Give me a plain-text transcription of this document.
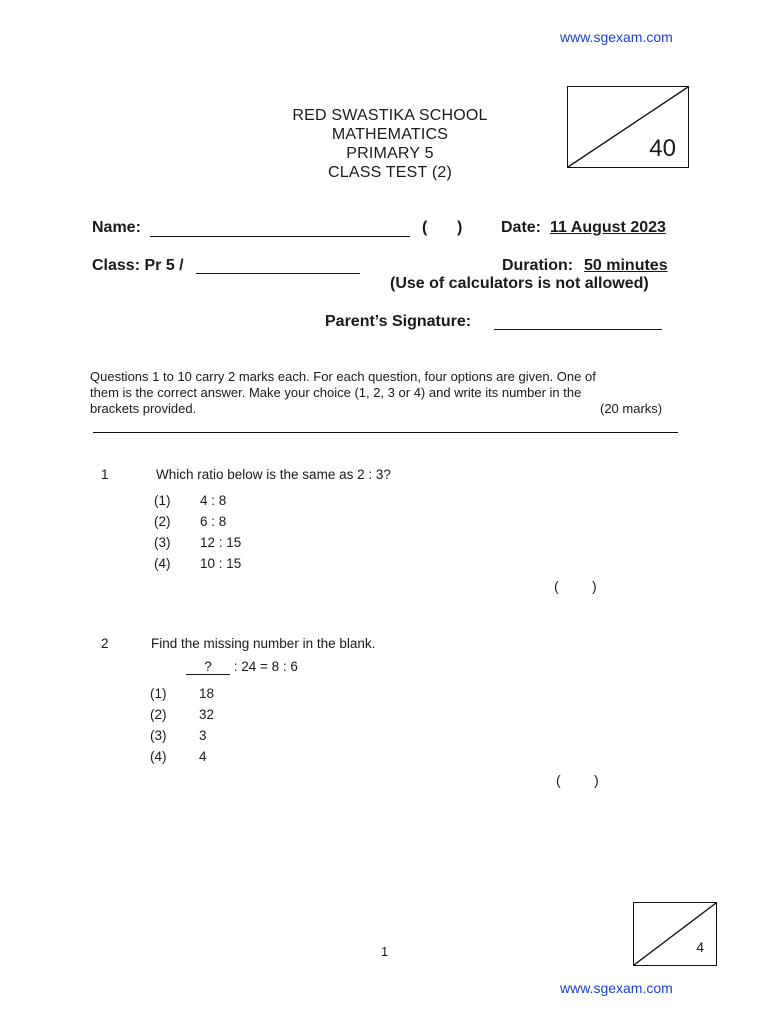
www.sgexam.com
RED SWASTIKA SCHOOL
MATHEMATICS
PRIMARY 5
CLASS TEST (2)
40
Name:	( ) Date: 11 August 2023
Class: Pr 5 /	Duration: 50 minutes
(Use of calculators is not allowed)
Parent’s Signature:
Questions 1 to 10 carry 2 marks each. For each question, four options are given. One of
them is the correct answer. Make your choice (1, 2, 3 or 4) and write its number in the
brackets provided.	(20 marks)
1	Which ratio below is the same as 2 : 3?
(1) 4 : 8
(2) 6 : 8
(3) 12 : 15
(4) 10 : 15
( )
2	Find the missing number in the blank.
? : 24 = 8 : 6
(1) 18
(2) 32
(3) 3
(4) 4
( )
1	4
www.sgexam.com
